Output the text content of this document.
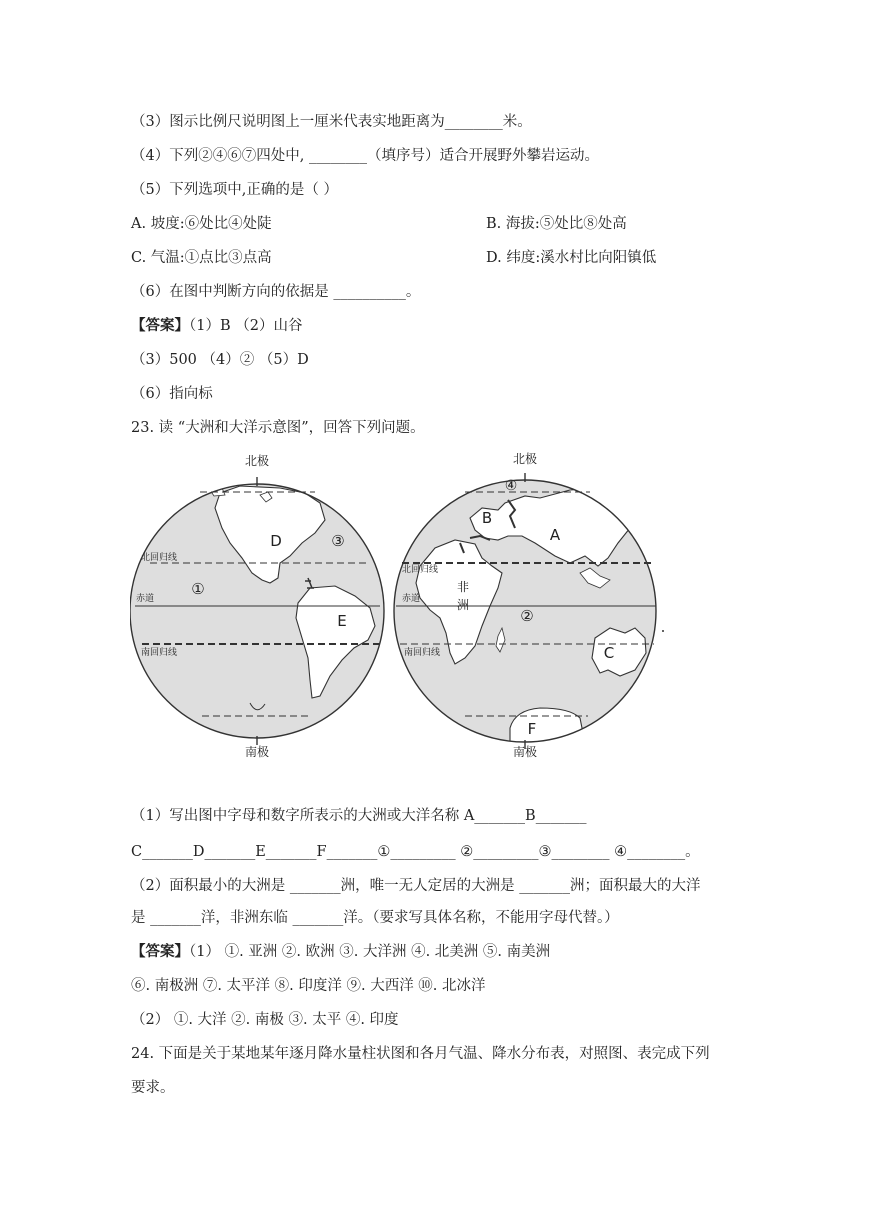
（3）图示比例尺说明图上一厘米代表实地距离为________米。
（4）下列②④⑥⑦四处中, ________（填序号）适合开展野外攀岩运动。
（5）下列选项中,正确的是（ ）
A. 坡度:⑥处比④处陡	B. 海拔:⑤处比⑧处高
C. 气温:①点比③点高	D. 纬度:溪水村比向阳镇低
（6）在图中判断方向的依据是 __________。
【答案】（1）B （2）山谷
（3）500 （4）② （5）D
（6）指向标
23. 读 “大洲和大洋示意图”，回答下列问题。
北极	北极
南极	南极
北回归线
赤道
南回归线
北回归线
赤道
南回归线
D	③
①
E
④
B
A
非
洲
②
C
F
（1）写出图中字母和数字所表示的大洲或大洋名称 A_______B_______
C_______D_______E_______F_______①_________ ②_________③________ ④________。
（2）面积最小的大洲是 _______洲，唯一无人定居的大洲是 _______洲；面积最大的大洋
是 _______洋，非洲东临 _______洋。（要求写具体名称，不能用字母代替。）
【答案】（1） ①. 亚洲 ②. 欧洲 ③. 大洋洲 ④. 北美洲 ⑤. 南美洲
⑥. 南极洲 ⑦. 太平洋 ⑧. 印度洋 ⑨. 大西洋 ⑩. 北冰洋
（2） ①. 大洋 ②. 南极 ③. 太平 ④. 印度
24. 下面是关于某地某年逐月降水量柱状图和各月气温、降水分布表，对照图、表完成下列
要求。
